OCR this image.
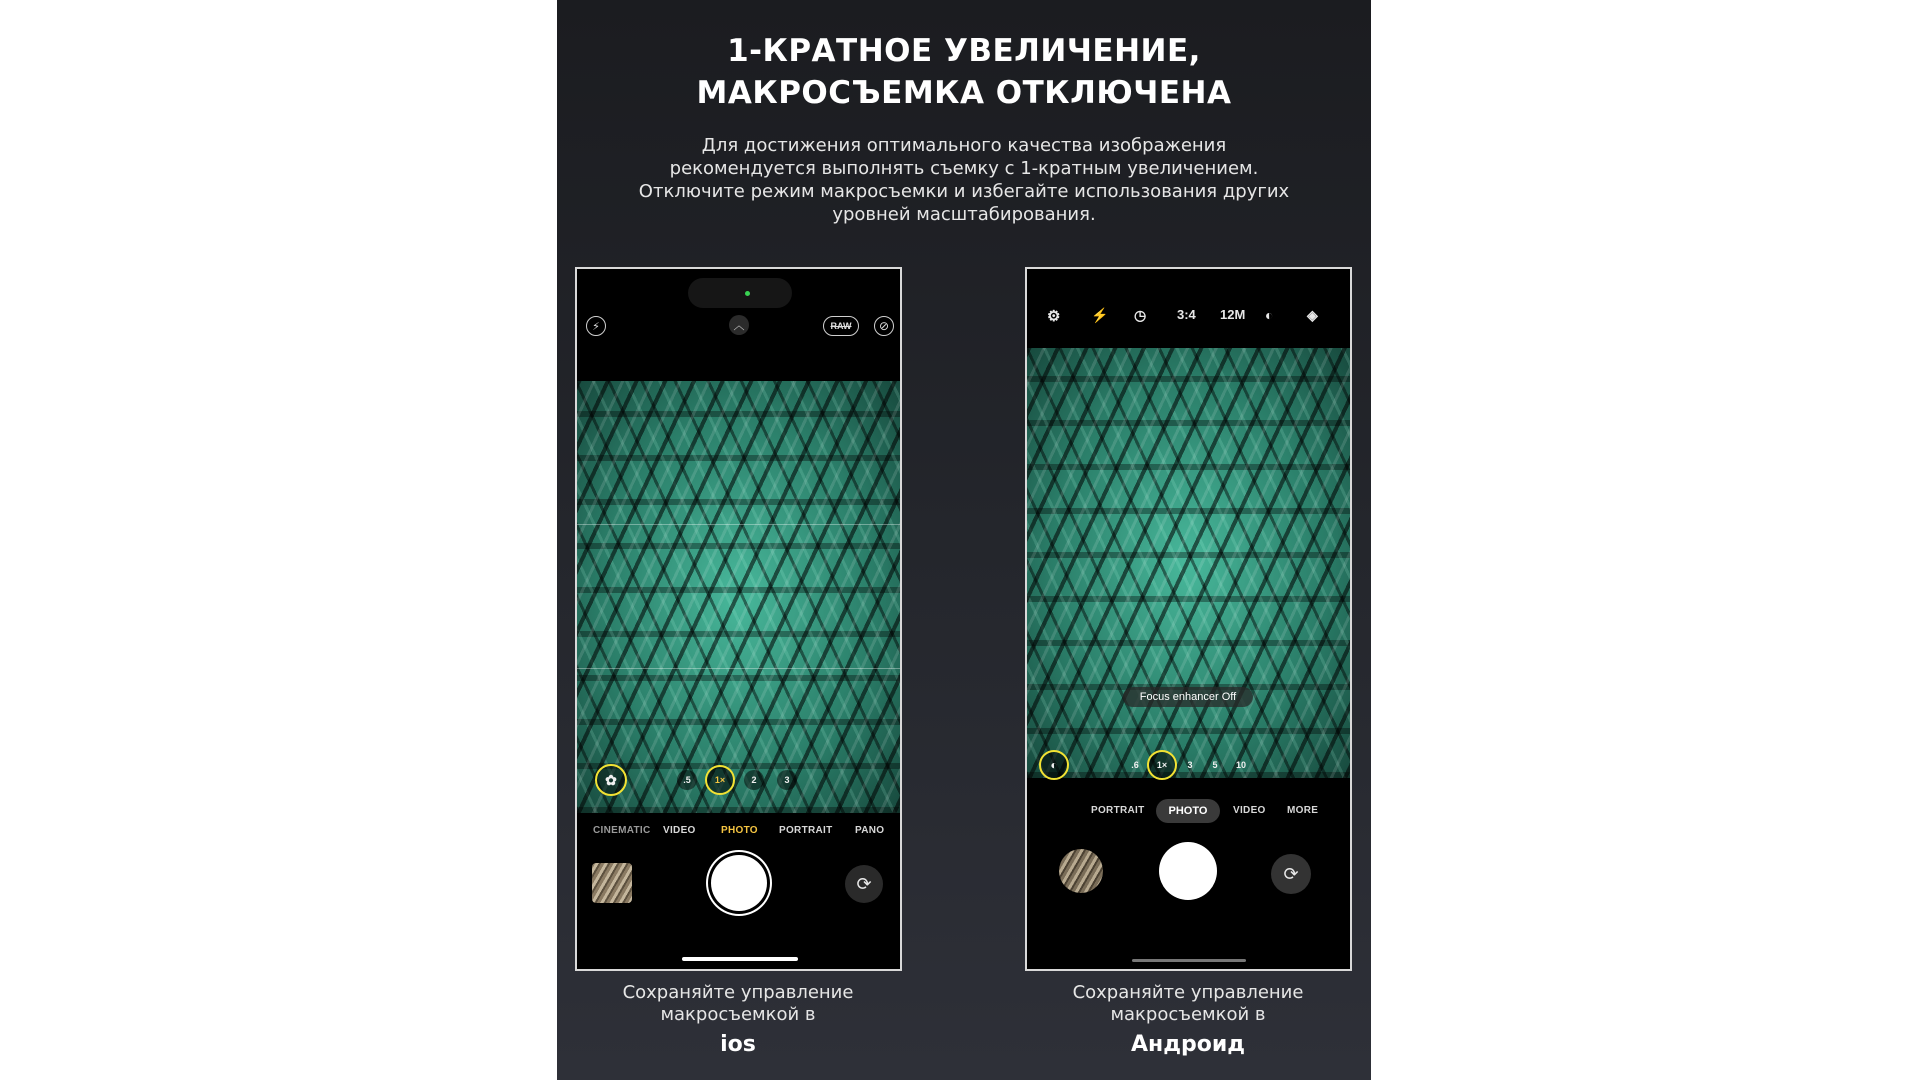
1-КРАТНОЕ УВЕЛИЧЕНИЕ,
МАКРОСЪЕМКА ОТКЛЮЧЕНА
Для достижения оптимального качества изображения
рекомендуется выполнять съемку с 1-кратным увеличением.
Отключите режим макросъемки и избегайте использования других
уровней масштабирования.
⚡	︿	RAW	⊘
✿	.5	1×	2	3
CINEMATIC VIDEO	PHOTO PORTRAIT PANO
⟳
⚙ ⚡ ◷ 3:4 12M ◐ ◈
Focus enhancer Off
◐	.6	1×	3	5	10
PORTRAIT	VIDEO MORE
PHOTO
⟳
Сохраняйте управление
макросъемкой в
ios
Сохраняйте управление
макросъемкой в
Андроид
